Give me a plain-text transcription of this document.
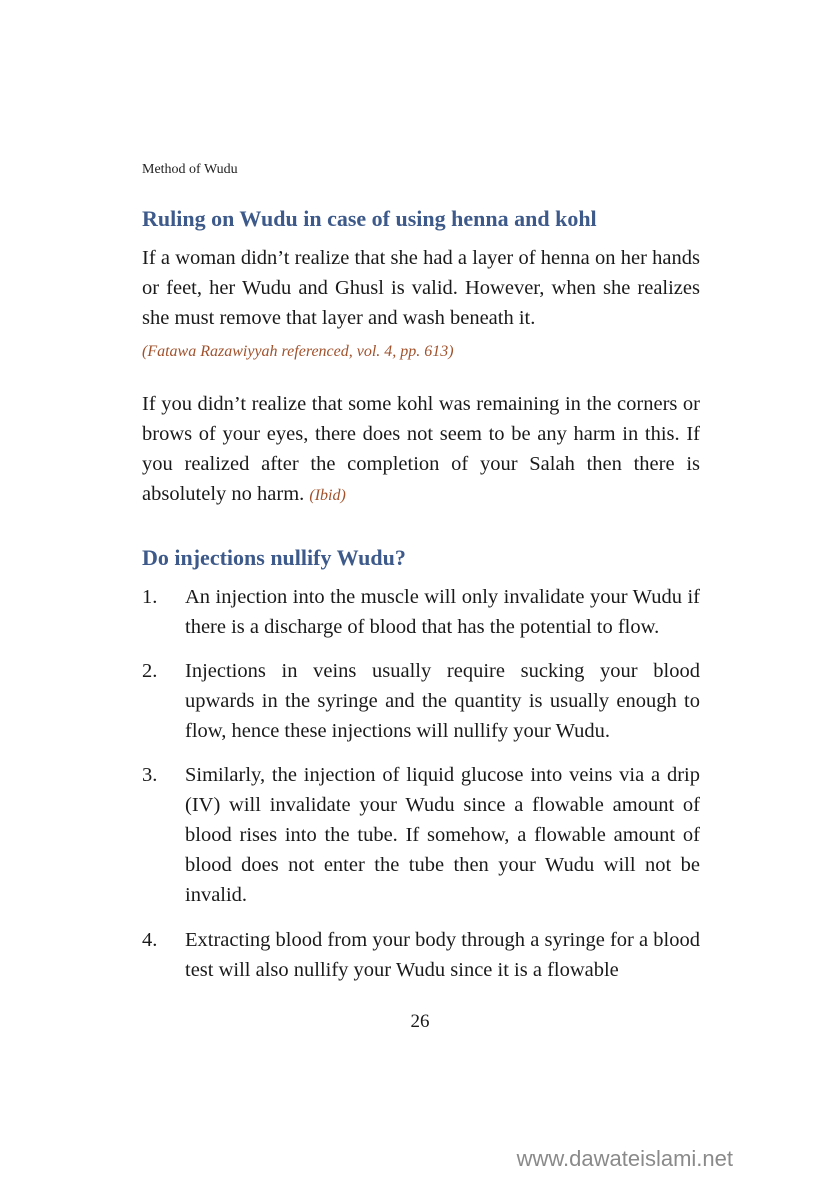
Method of Wudu
Ruling on Wudu in case of using henna and kohl

If a woman didn’t realize that she had a layer of henna on her hands or feet, her Wudu and Ghusl is valid. However, when she realizes she must remove that layer and wash beneath it.

(Fatawa Razawiyyah referenced, vol. 4, pp. 613)

If you didn’t realize that some kohl was remaining in the corners or brows of your eyes, there does not seem to be any harm in this. If you realized after the completion of your Salah then there is absolutely no harm. (Ibid)

Do injections nullify Wudu?
1. An injection into the muscle will only invalidate your Wudu if there is a discharge of blood that has the potential to flow.
2. Injections in veins usually require sucking your blood upwards in the syringe and the quantity is usually enough to flow, hence these injections will nullify your Wudu.
3. Similarly, the injection of liquid glucose into veins via a drip (IV) will invalidate your Wudu since a flowable amount of blood rises into the tube. If somehow, a flowable amount of blood does not enter the tube then your Wudu will not be invalid.
4. Extracting blood from your body through a syringe for a blood test will also nullify your Wudu since it is a flowable
26
www.dawateislami.net
